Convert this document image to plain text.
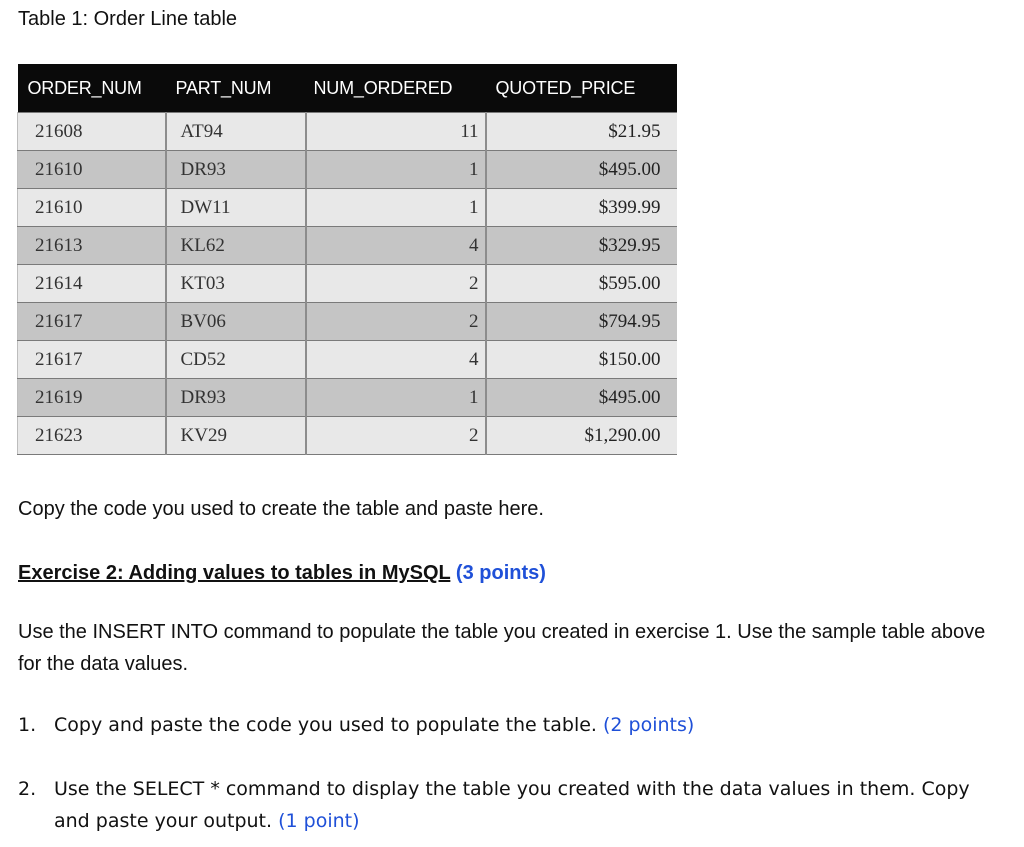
Table 1: Order Line table
ORDER_NUM	PART_NUM	NUM_ORDERED	QUOTED_PRICE
21608	AT94	11	$21.95
21610	DR93	1	$495.00
21610	DW11	1	$399.99
21613	KL62	4	$329.95
21614	KT03	2	$595.00
21617	BV06	2	$794.95
21617	CD52	4	$150.00
21619	DR93	1	$495.00
21623	KV29	2	$1,290.00
Copy the code you used to create the table and paste here.
Exercise 2: Adding values to tables in MySQL (3 points)
Use the INSERT INTO command to populate the table you created in exercise 1. Use the sample table above for the data values.
1. Copy and paste the code you used to populate the table. (2 points)
2. Use the SELECT * command to display the table you created with the data values in them. Copy and paste your output. (1 point)
